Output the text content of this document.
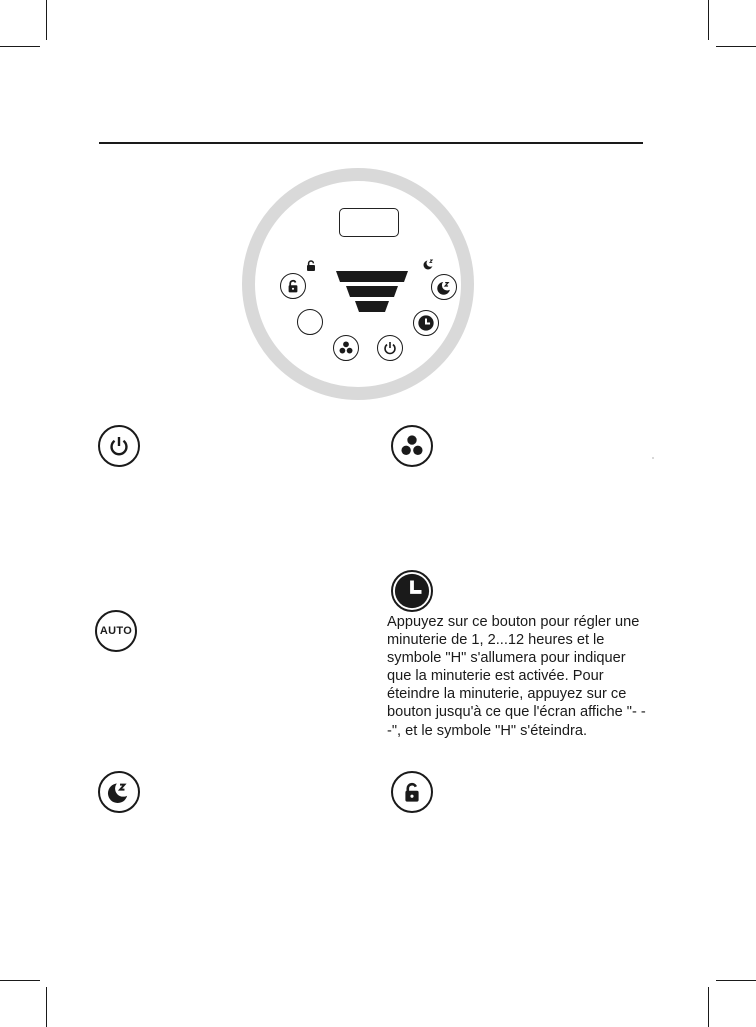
Appuyez sur ce bouton pour régler une minuterie de 1, 2...12 heures et le symbole "H" s'allumera pour indiquer que la minuterie est activée. Pour éteindre la minuterie, appuyez sur ce bouton jusqu'à ce que l'écran affiche "- - -", et le symbole "H" s'éteindra.

AUTO
